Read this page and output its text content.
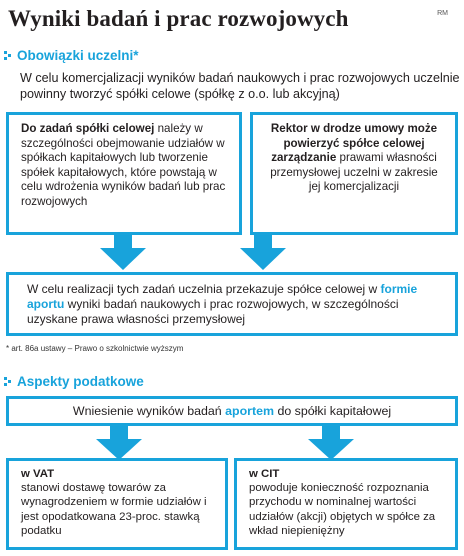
Wyniki badań i prac rozwojowych	RM
Obowiązki uczelni*
W celu komercjalizacji wyników badań naukowych i prac rozwojowych uczelnie powinny tworzyć spółki celowe (spółkę z o.o. lub akcyjną)
Do zadań spółki celowej należy w szczególności obejmowanie udziałów w spółkach kapitałowych lub tworzenie spółek kapitałowych, które powstają w celu wdrożenia wyników badań lub prac rozwojowych
Rektor w drodze umowy może powierzyć spółce celowej zarządzanie prawami własności przemysłowej uczelni w zakresie jej komercjalizacji
W celu realizacji tych zadań uczelnia przekazuje spółce celowej w formie aportu wyniki badań naukowych i prac rozwojowych, w szczególności uzyskane prawa własności przemysłowej
* art. 86a ustawy – Prawo o szkolnictwie wyższym
Aspekty podatkowe
Wniesienie wyników badań aportem do spółki kapitałowej
w VAT
stanowi dostawę towarów za wynagrodzeniem w formie udziałów i jest opodatkowana 23-proc. stawką podatku
w CIT
powoduje konieczność rozpoznania przychodu w nominalnej wartości udziałów (akcji) objętych w spółce za wkład niepieniężny
